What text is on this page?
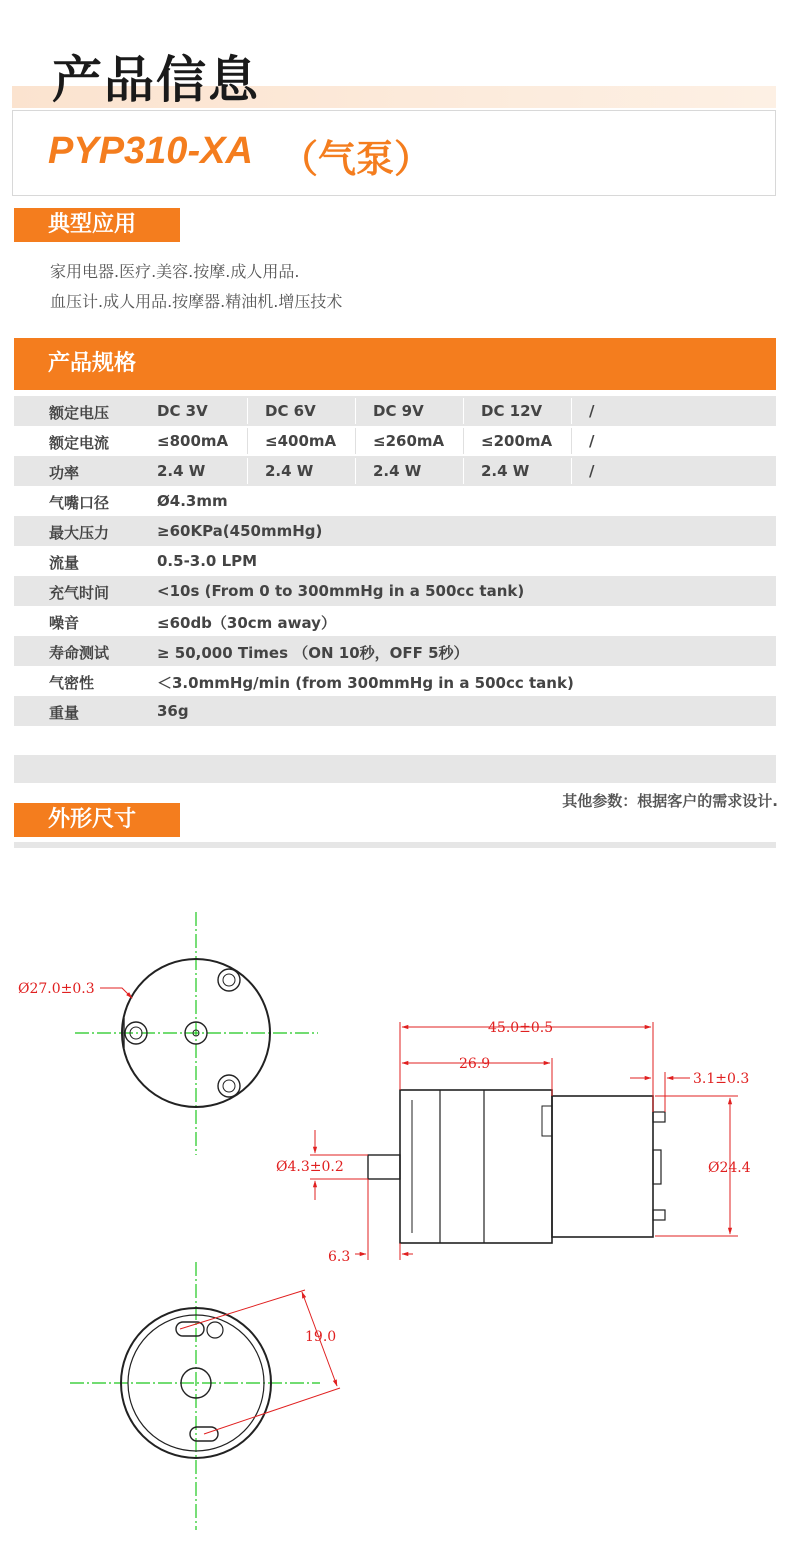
产品信息
PYP310-XA （气泵）
典型应用
家用电器.医疗.美容.按摩.成人用品.
血压计.成人用品.按摩器.精油机.增压技术
产品规格
额定电压	DC 3V	DC 6V	DC 9V	DC 12V	/
额定电流	≤800mA ≤400mA ≤260mA ≤200mA /
功率	2.4 W	2.4 W	2.4 W	2.4 W	/
气嘴口径	Ø4.3mm
最大压力	≥60KPa(450mmHg)
流量	0.5-3.0 LPM
充气时间	<10s (From 0 to 300mmHg in a 500cc tank)
噪音	≤60db（30cm away）
寿命测试	≥ 50,000 Times （ON 10秒，OFF 5秒）
气密性	＜3.0mmHg/min (from 300mmHg in a 500cc tank)
重量	36g
其他参数：根据客户的需求设计.
外形尺寸
Ø27.0±0.3
45.0±0.5
26.9
3.1±0.3
Ø24.4
Ø4.3±0.2
6.3
19.0
